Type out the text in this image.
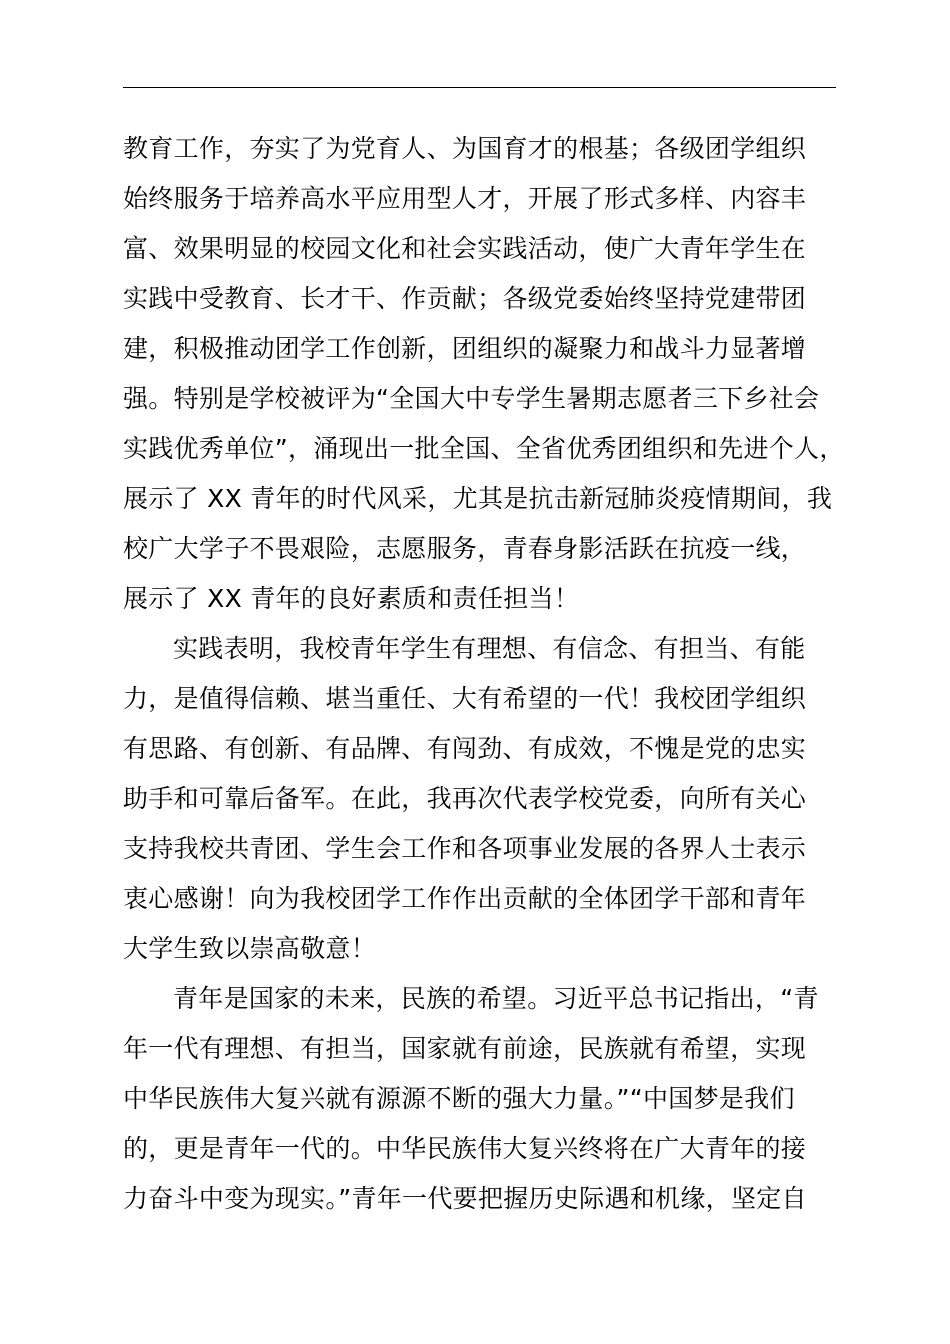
教育工作，夯实了为党育人、为国育才的根基；各级团学组织
始终服务于培养高水平应用型人才，开展了形式多样、内容丰
富、效果明显的校园文化和社会实践活动，使广大青年学生在
实践中受教育、长才干、作贡献；各级党委始终坚持党建带团
建，积极推动团学工作创新，团组织的凝聚力和战斗力显著增
强。特别是学校被评为“全国大中专学生暑期志愿者三下乡社会
实践优秀单位”，涌现出一批全国、全省优秀团组织和先进个人，
展示了 XX 青年的时代风采，尤其是抗击新冠肺炎疫情期间，我
校广大学子不畏艰险，志愿服务，青春身影活跃在抗疫一线，
展示了 XX 青年的良好素质和责任担当！
实践表明，我校青年学生有理想、有信念、有担当、有能
力，是值得信赖、堪当重任、大有希望的一代！我校团学组织
有思路、有创新、有品牌、有闯劲、有成效，不愧是党的忠实
助手和可靠后备军。在此，我再次代表学校党委，向所有关心
支持我校共青团、学生会工作和各项事业发展的各界人士表示
衷心感谢！向为我校团学工作作出贡献的全体团学干部和青年
大学生致以崇高敬意！
青年是国家的未来，民族的希望。习近平总书记指出，“青
年一代有理想、有担当，国家就有前途，民族就有希望，实现
中华民族伟大复兴就有源源不断的强大力量。”“中国梦是我们
的，更是青年一代的。中华民族伟大复兴终将在广大青年的接
力奋斗中变为现实。”青年一代要把握历史际遇和机缘，坚定自
